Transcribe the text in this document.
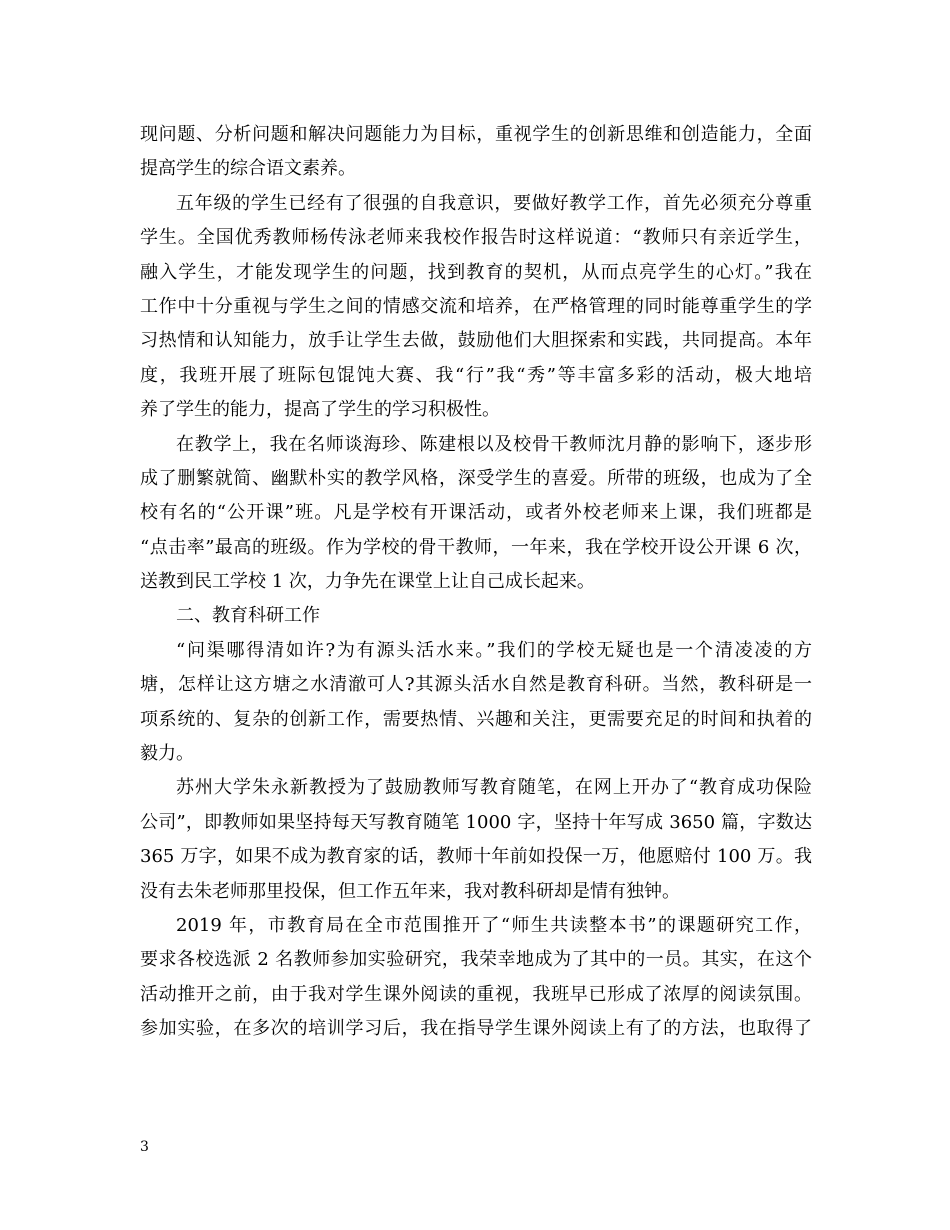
现问题、分析问题和解决问题能力为目标，重视学生的创新思维和创造能力，全面
提高学生的综合语文素养。
五年级的学生已经有了很强的自我意识，要做好教学工作，首先必须充分尊重
学生。全国优秀教师杨传泳老师来我校作报告时这样说道：“教师只有亲近学生，
融入学生，才能发现学生的问题，找到教育的契机，从而点亮学生的心灯。”我在
工作中十分重视与学生之间的情感交流和培养，在严格管理的同时能尊重学生的学
习热情和认知能力，放手让学生去做，鼓励他们大胆探索和实践，共同提高。本年
度，我班开展了班际包馄饨大赛、我“行”我“秀”等丰富多彩的活动，极大地培
养了学生的能力，提高了学生的学习积极性。
在教学上，我在名师谈海珍、陈建根以及校骨干教师沈月静的影响下，逐步形
成了删繁就简、幽默朴实的教学风格，深受学生的喜爱。所带的班级，也成为了全
校有名的“公开课”班。凡是学校有开课活动，或者外校老师来上课，我们班都是
“点击率”最高的班级。作为学校的骨干教师，一年来，我在学校开设公开课 6 次，
送教到民工学校 1 次，力争先在课堂上让自己成长起来。
二、教育科研工作
“问渠哪得清如许?为有源头活水来。”我们的学校无疑也是一个清凌凌的方
塘，怎样让这方塘之水清澈可人?其源头活水自然是教育科研。当然，教科研是一
项系统的、复杂的创新工作，需要热情、兴趣和关注，更需要充足的时间和执着的
毅力。
苏州大学朱永新教授为了鼓励教师写教育随笔，在网上开办了“教育成功保险
公司”，即教师如果坚持每天写教育随笔 1000 字，坚持十年写成 3650 篇，字数达
365 万字，如果不成为教育家的话，教师十年前如投保一万，他愿赔付 100 万。我
没有去朱老师那里投保，但工作五年来，我对教科研却是情有独钟。
2019 年，市教育局在全市范围推开了“师生共读整本书”的课题研究工作，
要求各校选派 2 名教师参加实验研究，我荣幸地成为了其中的一员。其实，在这个
活动推开之前，由于我对学生课外阅读的重视，我班早已形成了浓厚的阅读氛围。
参加实验，在多次的培训学习后，我在指导学生课外阅读上有了的方法，也取得了
3
